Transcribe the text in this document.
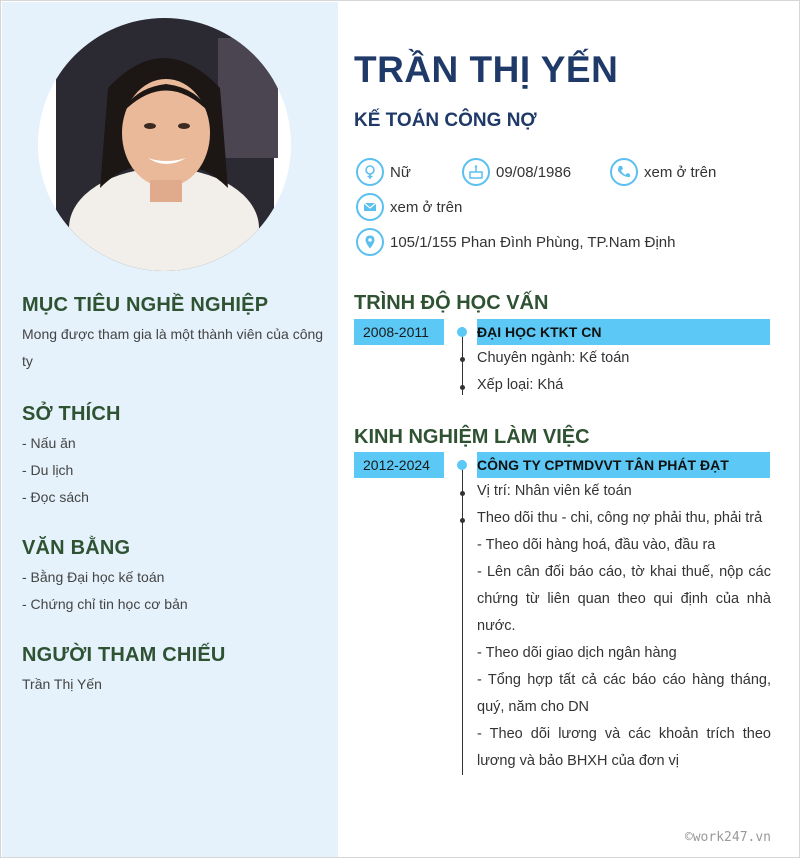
MỤC TIÊU NGHỀ NGHIỆP
Mong được tham gia là một thành viên của công ty
SỞ THÍCH
- Nấu ăn
- Du lịch
- Đọc sách
VĂN BẰNG
- Bằng Đại học kế toán
- Chứng chỉ tin học cơ bản
NGƯỜI THAM CHIẾU
Trần Thị Yến
TRẦN THỊ YẾN
KẾ TOÁN CÔNG NỢ
Nữ	09/08/1986	xem ở trên
xem ở trên
105/1/155 Phan Đình Phùng, TP.Nam Định
TRÌNH ĐỘ HỌC VẤN
2008-2011	ĐẠI HỌC KTKT CN
Chuyên ngành: Kế toán
Xếp loại: Khá
KINH NGHIỆM LÀM VIỆC
2012-2024	CÔNG TY CPTMDVVT TÂN PHÁT ĐẠT
Vị trí: Nhân viên kế toán
Theo dõi thu - chi, công nợ phải thu, phải trả
- Theo dõi hàng hoá, đầu vào, đầu ra
- Lên cân đối báo cáo, tờ khai thuế, nộp các chứng từ liên quan theo qui định của nhà nước.
- Theo dõi giao dịch ngân hàng
- Tổng hợp tất cả các báo cáo hàng tháng, quý, năm cho DN
- Theo dõi lương và các khoản trích theo lương và bảo BHXH của đơn vị
©work247.vn
